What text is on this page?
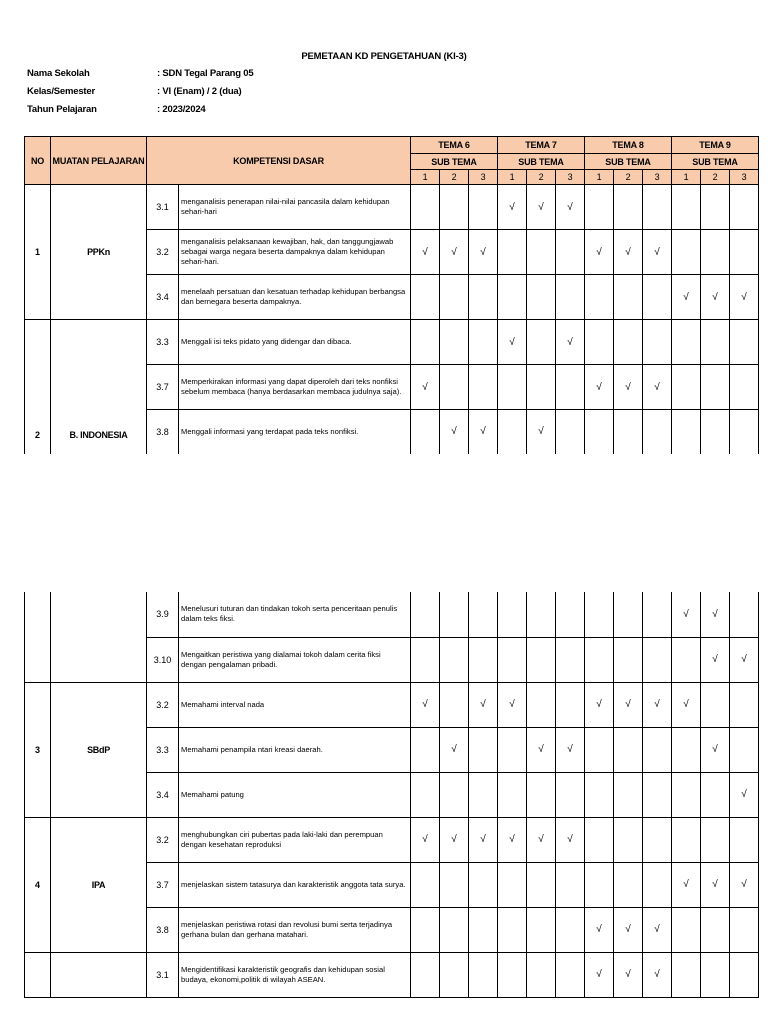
PEMETAAN KD PENGETAHUAN (KI-3)
Nama Sekolah	: SDN Tegal Parang 05
Kelas/Semester	: VI (Enam) / 2 (dua)
Tahun Pelajaran	: 2023/2024
NO	MUATAN PELAJARAN	KOMPETENSI DASAR		TEMA 6			TEMA 7			TEMA 8			TEMA 9		
				SUB TEMA			SUB TEMA			SUB TEMA			SUB TEMA		
				1	2	3	1	2	3	1	2	3	1	2	3
1	PPKn	3.1	menganalisis penerapan nilai-nilai pancasila dalam kehidupan sehari-hari				√	√	√						
		3.2	menganalisis pelaksanaan kewajiban, hak, dan tanggungjawab sebagai warga negara beserta dampaknya dalam kehidupan sehari-hari.	√	√	√				√	√	√			
		3.4	menelaah persatuan dan kesatuan terhadap kehidupan berbangsa dan bernegara beserta dampaknya.										√	√	√
2	B. INDONESIA	3.3	Menggali isi teks pidato yang didengar dan dibaca.				√		√						
		3.7	Memperkirakan informasi yang dapat diperoleh dari teks nonfiksi sebelum membaca (hanya berdasarkan membaca judulnya saja).	√						√	√	√			
		3.8	Menggali informasi yang terdapat pada teks nonfiksi.		√	√		√							
		3.9	Menelusuri tuturan dan tindakan tokoh serta penceritaan penulis dalam teks fiksi.										√	√	
		3.10	Mengaitkan peristiwa yang dialamai tokoh dalam cerita fiksi dengan pengalaman pribadi.											√	√
3	SBdP	3.2	Memahami interval nada	√		√	√			√	√	√	√		
		3.3	Memahami penampila ntari kreasi daerah.		√			√	√					√	
		3.4	Memahami patung												√
4	IPA	3.2	menghubungkan ciri pubertas pada laki-laki dan perempuan dengan kesehatan reproduksi	√	√	√	√	√	√						
		3.7	menjelaskan sistem tatasurya dan karakteristik anggota tata surya.										√	√	√
		3.8	menjelaskan peristiwa rotasi dan revolusi bumi serta terjadinya gerhana bulan dan gerhana matahari.							√	√	√			
		3.1	Mengidentifikasi karakteristik geografis dan kehidupan sosial budaya, ekonomi,politik di wilayah ASEAN.							√	√	√			
